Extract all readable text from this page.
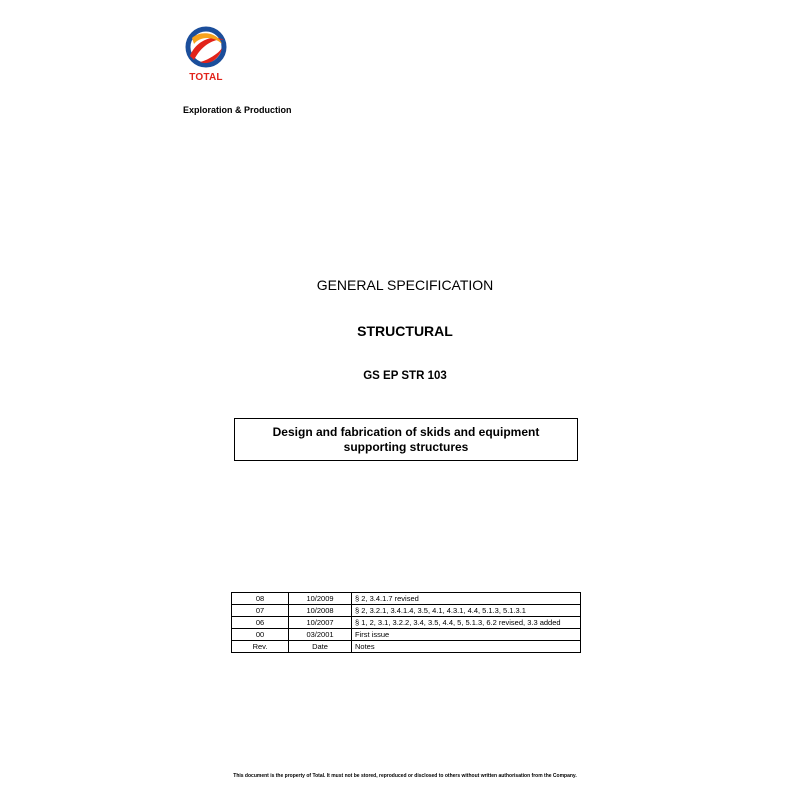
TOTAL
Exploration & Production
GENERAL SPECIFICATION
STRUCTURAL
GS EP STR 103
Design and fabrication of skids and equipment supporting structures
08	10/2009	§ 2, 3.4.1.7 revised
07	10/2008	§ 2, 3.2.1, 3.4.1.4, 3.5, 4.1, 4.3.1, 4.4, 5.1.3, 5.1.3.1
06	10/2007	§ 1, 2, 3.1, 3.2.2, 3.4, 3.5, 4.4, 5, 5.1.3, 6.2 revised, 3.3 added
00	03/2001	First issue
Rev.	Date	Notes
This document is the property of Total. It must not be stored, reproduced or disclosed to others without written authorisation from the Company.
